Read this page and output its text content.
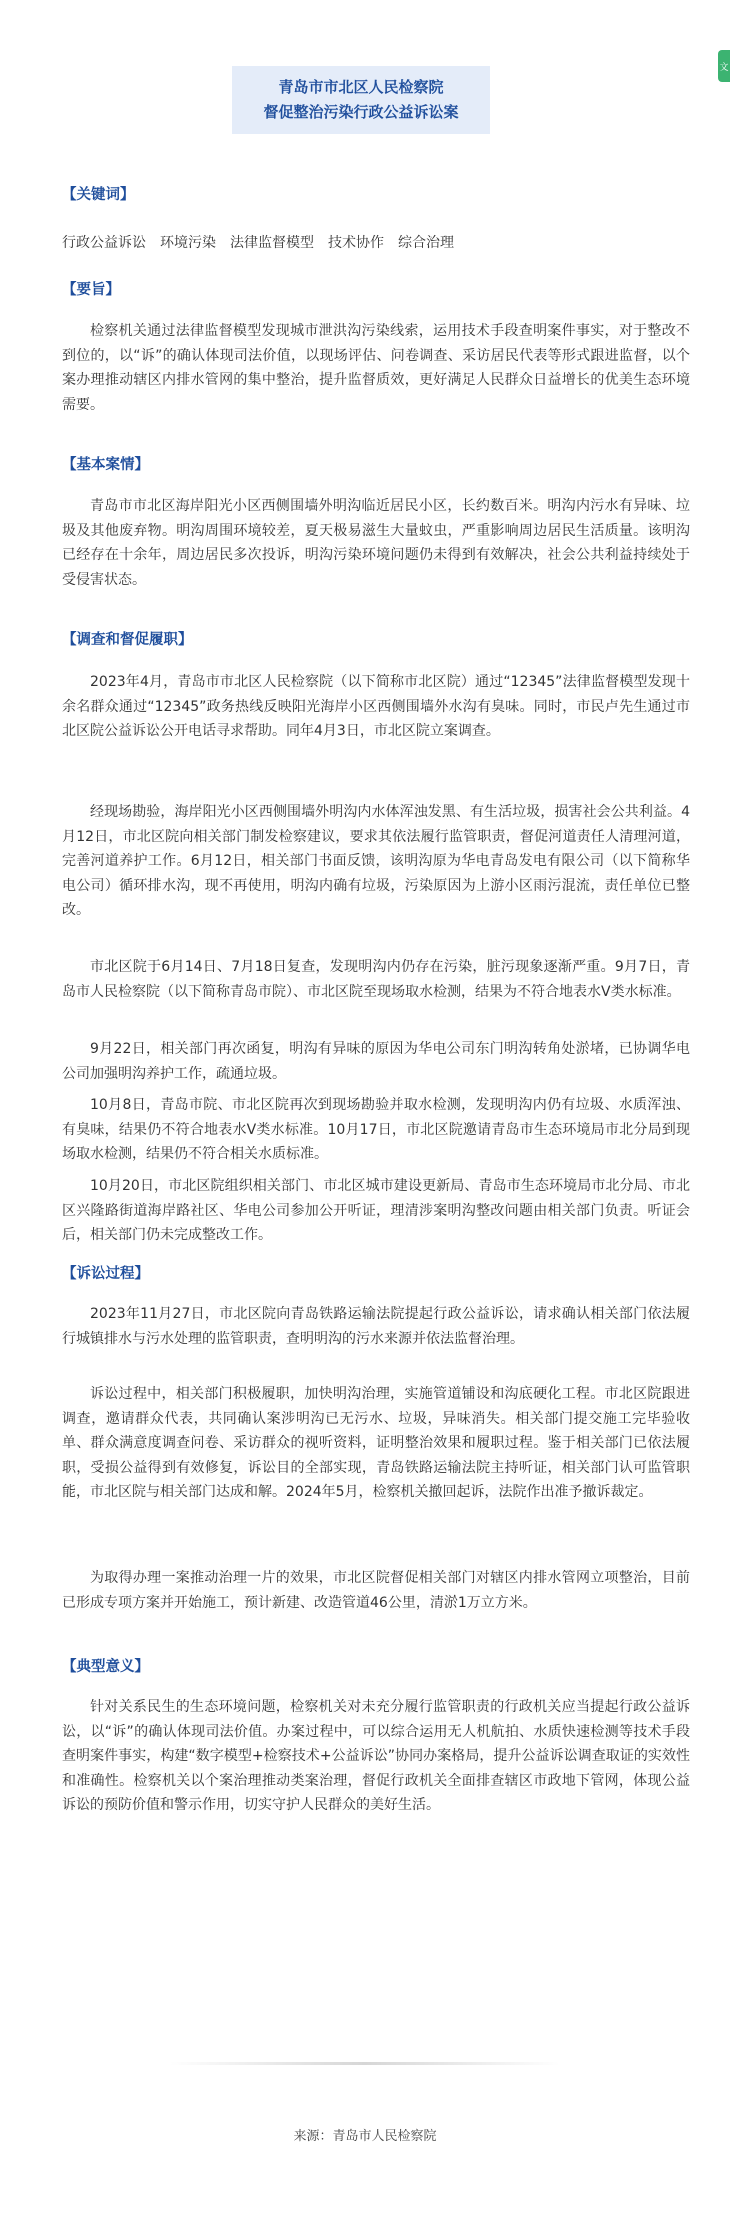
文
青岛市市北区人民检察院
督促整治污染行政公益诉讼案
【关键词】
行政公益诉讼 环境污染 法律监督模型 技术协作 综合治理
【要旨】

检察机关通过法律监督模型发现城市泄洪沟污染线索，运用技术手段查明案件事实，对于整改不到位的，以“诉”的确认体现司法价值，以现场评估、问卷调查、采访居民代表等形式跟进监督，以个案办理推动辖区内排水管网的集中整治，提升监督质效，更好满足人民群众日益增长的优美生态环境需要。

【基本案情】

青岛市市北区海岸阳光小区西侧围墙外明沟临近居民小区，长约数百米。明沟内污水有异味、垃圾及其他废弃物。明沟周围环境较差，夏天极易滋生大量蚊虫，严重影响周边居民生活质量。该明沟已经存在十余年，周边居民多次投诉，明沟污染环境问题仍未得到有效解决，社会公共利益持续处于受侵害状态。

【调查和督促履职】

2023年4月，青岛市市北区人民检察院（以下简称市北区院）通过“12345”法律监督模型发现十余名群众通过“12345”政务热线反映阳光海岸小区西侧围墙外水沟有臭味。同时，市民卢先生通过市北区院公益诉讼公开电话寻求帮助。同年4月3日，市北区院立案调查。

经现场勘验，海岸阳光小区西侧围墙外明沟内水体浑浊发黑、有生活垃圾，损害社会公共利益。4月12日，市北区院向相关部门制发检察建议，要求其依法履行监管职责，督促河道责任人清理河道，完善河道养护工作。6月12日，相关部门书面反馈，该明沟原为华电青岛发电有限公司（以下简称华电公司）循环排水沟，现不再使用，明沟内确有垃圾，污染原因为上游小区雨污混流，责任单位已整改。

市北区院于6月14日、7月18日复查，发现明沟内仍存在污染，脏污现象逐渐严重。9月7日，青岛市人民检察院（以下简称青岛市院）、市北区院至现场取水检测，结果为不符合地表水V类水标准。

9月22日，相关部门再次函复，明沟有异味的原因为华电公司东门明沟转角处淤堵，已协调华电公司加强明沟养护工作，疏通垃圾。

10月8日，青岛市院、市北区院再次到现场勘验并取水检测，发现明沟内仍有垃圾、水质浑浊、有臭味，结果仍不符合地表水V类水标准。10月17日，市北区院邀请青岛市生态环境局市北分局到现场取水检测，结果仍不符合相关水质标准。

10月20日，市北区院组织相关部门、市北区城市建设更新局、青岛市生态环境局市北分局、市北区兴隆路街道海岸路社区、华电公司参加公开听证，理清涉案明沟整改问题由相关部门负责。听证会后，相关部门仍未完成整改工作。

【诉讼过程】

2023年11月27日，市北区院向青岛铁路运输法院提起行政公益诉讼，请求确认相关部门依法履行城镇排水与污水处理的监管职责，查明明沟的污水来源并依法监督治理。

诉讼过程中，相关部门积极履职，加快明沟治理，实施管道铺设和沟底硬化工程。市北区院跟进调查，邀请群众代表，共同确认案涉明沟已无污水、垃圾，异味消失。相关部门提交施工完毕验收单、群众满意度调查问卷、采访群众的视听资料，证明整治效果和履职过程。鉴于相关部门已依法履职，受损公益得到有效修复，诉讼目的全部实现，青岛铁路运输法院主持听证，相关部门认可监管职能，市北区院与相关部门达成和解。2024年5月，检察机关撤回起诉，法院作出准予撤诉裁定。

为取得办理一案推动治理一片的效果，市北区院督促相关部门对辖区内排水管网立项整治，目前已形成专项方案并开始施工，预计新建、改造管道46公里，清淤1万立方米。

【典型意义】

针对关系民生的生态环境问题，检察机关对未充分履行监管职责的行政机关应当提起行政公益诉讼，以“诉”的确认体现司法价值。办案过程中，可以综合运用无人机航拍、水质快速检测等技术手段查明案件事实，构建“数字模型+检察技术+公益诉讼”协同办案格局，提升公益诉讼调查取证的实效性和准确性。检察机关以个案治理推动类案治理，督促行政机关全面排查辖区市政地下管网，体现公益诉讼的预防价值和警示作用，切实守护人民群众的美好生活。

来源：青岛市人民检察院
